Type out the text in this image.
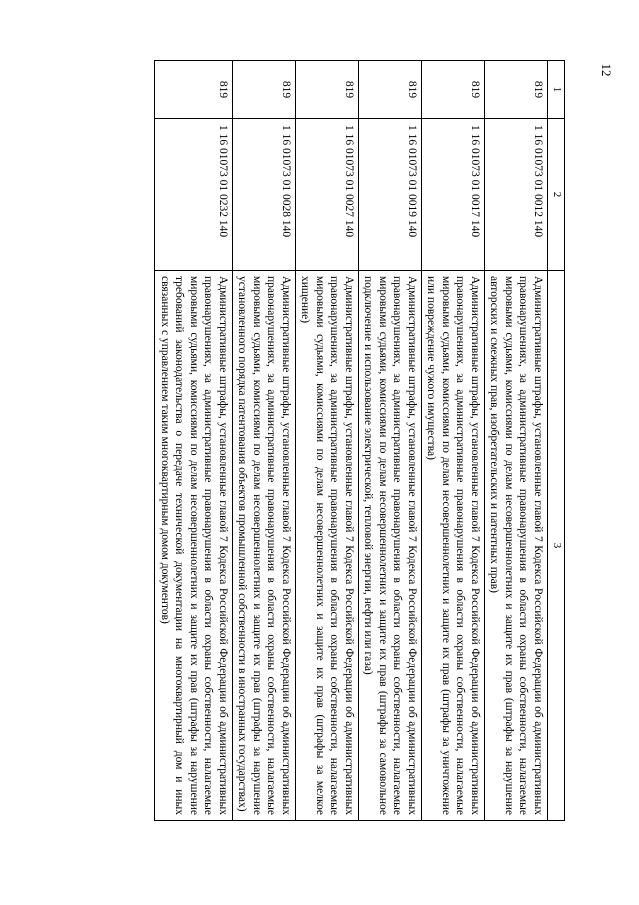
12
1	2	3
819	1 16 01073 01 0012 140	Административные штрафы, установленные главой 7 Кодекса Российской Федерации об административных правонарушениях, за административные правонарушения в области охраны собственности, налагаемые мировыми судьями, комиссиями по делам несовершеннолетних и защите их прав (штрафы за нарушение авторских и смежных прав, изобретательских и патентных прав)
819	1 16 01073 01 0017 140	Административные штрафы, установленные главой 7 Кодекса Российской Федерации об административных правонарушениях, за административные правонарушения в области охраны собственности, налагаемые мировыми судьями, комиссиями по делам несовершеннолетних и защите их прав (штрафы за уничтожение или повреждение чужого имущества)
819	1 16 01073 01 0019 140	Административные штрафы, установленные главой 7 Кодекса Российской Федерации об административных правонарушениях, за административные правонарушения в области охраны собственности, налагаемые мировыми судьями, комиссиями по делам несовершеннолетних и защите их прав (штрафы за самовольное подключение и использование электрической, тепловой энергии, нефти или газа)
819	1 16 01073 01 0027 140	Административные штрафы, установленные главой 7 Кодекса Российской Федерации об административных правонарушениях, за административные правонарушения в области охраны собственности, налагаемые мировыми судьями, комиссиями по делам несовершеннолетних и защите их прав (штрафы за мелкое хищение)
819	1 16 01073 01 0028 140	Административные штрафы, установленные главой 7 Кодекса Российской Федерации об административных правонарушениях, за административные правонарушения в области охраны собственности, налагаемые мировыми судьями, комиссиями по делам несовершеннолетних и защите их прав (штрафы за нарушение установленного порядка патентования объектов промышленной собственности в иностранных государствах)
819	1 16 01073 01 0232 140	Административные штрафы, установленные главой 7 Кодекса Российской Федерации об административных правонарушениях, за административные правонарушения в области охраны собственности, налагаемые мировыми судьями, комиссиями по делам несовершеннолетних и защите их прав (штрафы за нарушение требований законодательства о передаче технической документации на многоквартирный дом и иных связанных с управлением таким многоквартирным домом документов)
